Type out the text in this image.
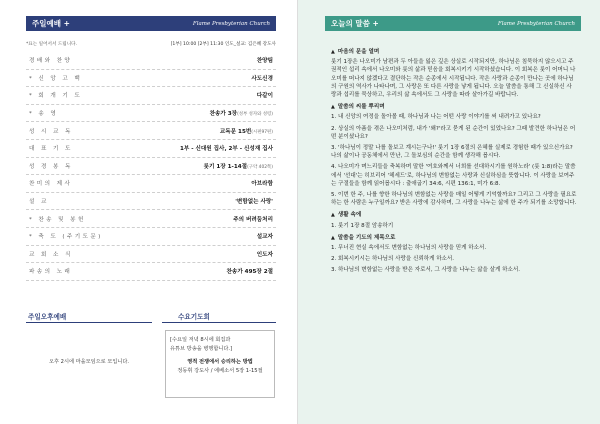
주일예배 +	Flame Presbyterian Church
*표는 일어서서 드립니다.	[1부] 10:00 [2부] 11:30 인도_설교: 김은혜 강도사
경배와 찬양	찬양팀
* 신 앙 고 백	사도신경
* 회 개 기 도	다같이
* 송 영	찬송가 3장(성부 성자와 성령)
성 시 교 독	교독문 15번(시편97편)
대 표 기 도	1부 - 신대원 집사, 2부 - 신성재 집사
성 경 봉 독	룻기 1장 1-14절(구약 402쪽)
찬미의 제사	아브라함
설 교	'변함없는 사랑'
* 찬송 및 봉헌	주의 버려둠처리
* 축 도 (주기도문)	설교자
교 회 소 식	인도자
파송의 노래	찬송가 495장 2절
주일오후예배
오후 2시에 마을모임으로 모입니다.
수요기도회
[수요일 저녁 8시에 회집과
유튜브 방송을 병행합니다.]
영적 전쟁에서 승리하는 방법
정동휘 강도사 / 에베소서 5장 1-15절
오늘의 말씀 +	Flame Presbyterian Church
▲ 마음의 문을 열며
룻기 1장은 나오미가 남편과 두 아들을 잃은 깊은 상실로 시작되지만, 하나님은 침묵하지 않으시고 주권적인 섭리 속에서 나오미와 룻의 삶과 믿음을 회복시키기 시작하셨습니다. 이 회복은 룻이 어머니 나오미를 떠나지 않겠다고 결단하는 작은 순종에서 시작됩니다. 작은 사랑과 순종이 만나는 곳에 하나님의 구원의 역사가 나타나며, 그 사랑은 또 다른 사랑을 낳게 됩니다. 오늘 말씀을 통해 그 신실하신 사랑과 섭리를 묵상하고, 우리의 삶 속에서도 그 사랑을 따라 살아가길 바랍니다.
▲ 말씀의 씨를 뿌리며
1. 내 신앙의 여정을 돌아볼 때, 하나님과 나는 어떤 사랑 이야기를 써 내려가고 있나요?
2. 상실의 아픔을 겪은 나오미처럼, 내가 '왜?'라고 묻게 된 순간이 있었나요? 그때 발견한 하나님은 어떤 분이셨나요?
3. '하나님이 정말 나를 돌보고 계시는구나!' 룻기 1장 6절의 은혜를 실제로 경험한 때가 있으신가요? 나의 삶이나 공동체에서 만난, 그 돌보심의 순간을 함께 생각해 봅시다.
4. 나오미가 며느리들을 축복하며 말한 '여호와께서 너희를 선대하시기를 원하노라' (룻 1:8)라는 말씀에서 '선대'는 히브리어 '헤세드'로, 하나님의 변함없는 사랑과 신실하심을 뜻합니다. 이 사랑을 보여주는 구절들을 함께 읽어봅시다 : 출애굽기 34:6, 시편 136:1, 미가 6:8.
5. 이번 한 주, 나를 향한 하나님의 변함없는 사랑을 매일 어떻게 기억할까요? 그리고 그 사랑을 필요로 하는 한 사람은 누구일까요? 받은 사랑에 감사하며, 그 사랑을 나누는 삶에 한 주가 되기를 소망합니다.
▲ 생활 속에
1. 룻기 1장 8절 암송하기
▲ 말씀을 기도의 제목으로
1. 무너진 현실 속에서도 변함없는 하나님의 사랑을 믿게 하소서.
2. 회복시키시는 하나님의 사랑을 신뢰하게 하소서.
3. 하나님의 변함없는 사랑을 받은 자로서, 그 사랑을 나누는 삶을 살게 하소서.
